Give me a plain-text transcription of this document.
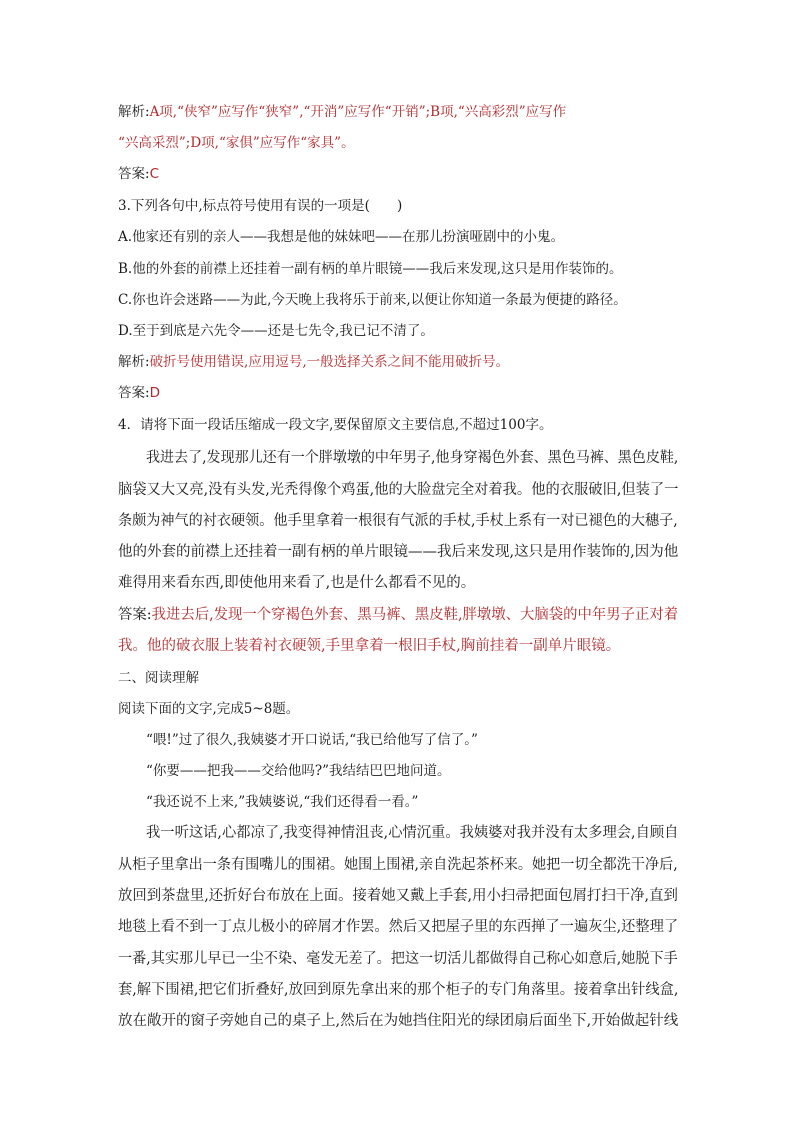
解析:A项,“侠窄”应写作“狭窄”,“开消”应写作“开销”;B项,“兴高彩烈”应写作
“兴高采烈”;D项,“家俱”应写作“家具”。
答案:C
3.下列各句中,标点符号使用有误的一项是(　　)
A.他家还有别的亲人——我想是他的妹妹吧——在那儿扮演哑剧中的小鬼。
B.他的外套的前襟上还挂着一副有柄的单片眼镜——我后来发现,这只是用作装饰的。
C.你也许会迷路——为此,今天晚上我将乐于前来,以便让你知道一条最为便捷的路径。
D.至于到底是六先令——还是七先令,我已记不清了。
解析:破折号使用错误,应用逗号,一般选择关系之间不能用破折号。
答案:D
4．请将下面一段话压缩成一段文字,要保留原文主要信息,不超过100字。
我进去了,发现那儿还有一个胖墩墩的中年男子,他身穿褐色外套、黑色马裤、黑色皮鞋,
脑袋又大又亮,没有头发,光秃得像个鸡蛋,他的大脸盘完全对着我。他的衣服破旧,但装了一
条颇为神气的衬衣硬领。他手里拿着一根很有气派的手杖,手杖上系有一对已褪色的大穗子,
他的外套的前襟上还挂着一副有柄的单片眼镜——我后来发现,这只是用作装饰的,因为他
难得用来看东西,即使他用来看了,也是什么都看不见的。
答案:我进去后,发现一个穿褐色外套、黑马裤、黑皮鞋,胖墩墩、大脑袋的中年男子正对着
我。他的破衣服上装着衬衣硬领,手里拿着一根旧手杖,胸前挂着一副单片眼镜。
二、阅读理解
阅读下面的文字,完成5~8题。
“喂!”过了很久,我姨婆才开口说话,“我已给他写了信了。”
“你要——把我——交给他吗?”我结结巴巴地问道。
“我还说不上来,”我姨婆说,“我们还得看一看。”
我一听这话,心都凉了,我变得神情沮丧,心情沉重。我姨婆对我并没有太多理会,自顾自
从柜子里拿出一条有围嘴儿的围裙。她围上围裙,亲自洗起茶杯来。她把一切全都洗干净后,
放回到茶盘里,还折好台布放在上面。接着她又戴上手套,用小扫帚把面包屑打扫干净,直到
地毯上看不到一丁点儿极小的碎屑才作罢。然后又把屋子里的东西掸了一遍灰尘,还整理了
一番,其实那儿早已一尘不染、毫发无差了。把这一切活儿都做得自己称心如意后,她脱下手
套,解下围裙,把它们折叠好,放回到原先拿出来的那个柜子的专门角落里。接着拿出针线盒,
放在敞开的窗子旁她自己的桌子上,然后在为她挡住阳光的绿团扇后面坐下,开始做起针线
